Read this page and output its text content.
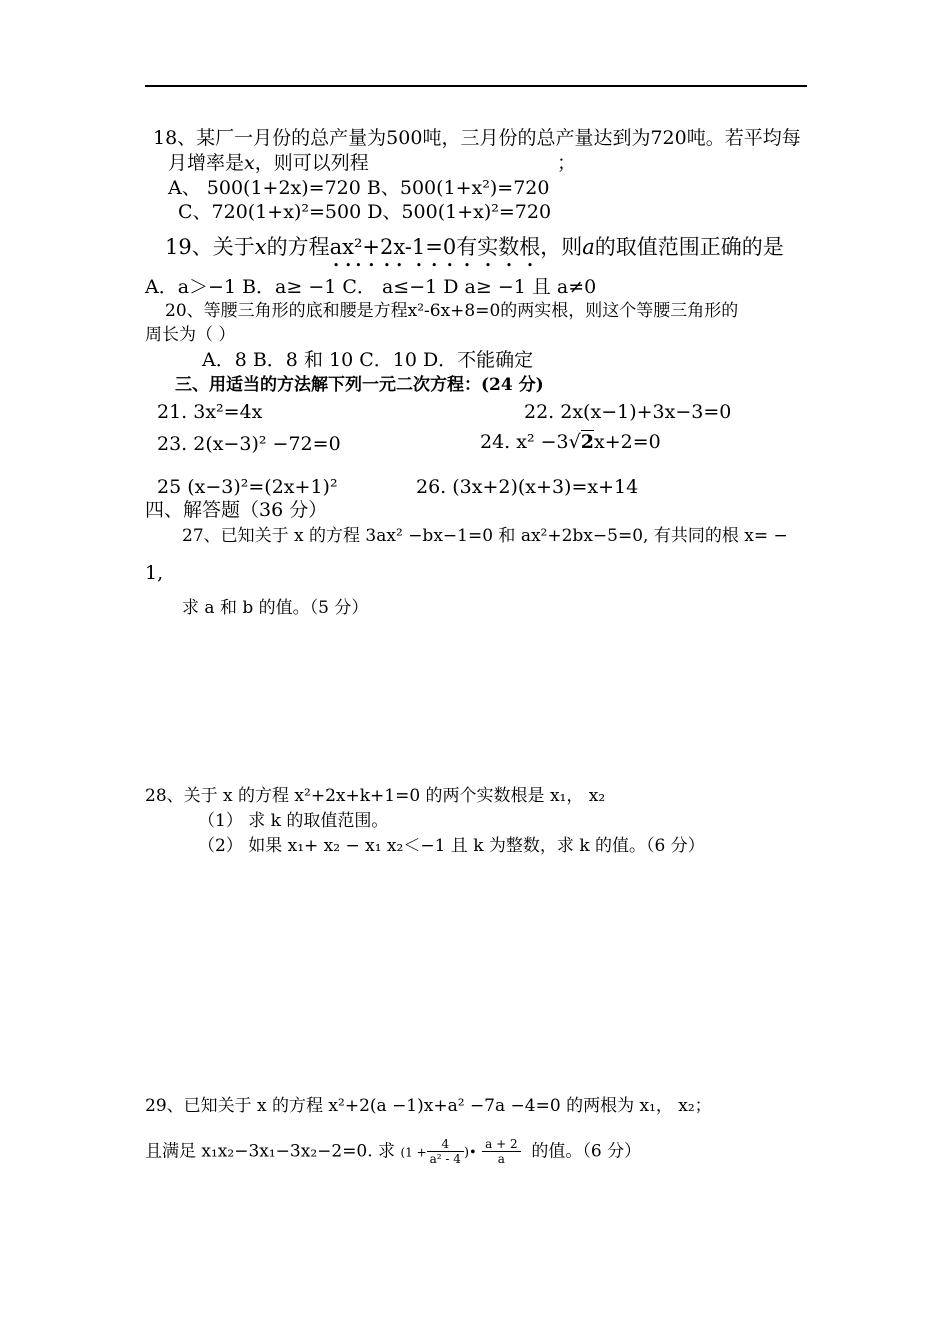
18、某厂一月份的总产量为500吨，三月份的总产量达到为720吨。若平均每
月增率是x，则可以列程	；
A、 500(1+2x)=720 B、500(1+x²)=720
C、720(1+x)²=500 D、500(1+x)²=720
19、关于x的方程ax²+2x-1=0有实数根，则a的取值范围正确的是
A．a＞−1 B．a≥ −1 C． a≤−1 D a≥ −1 且 a≠0
20、等腰三角形的底和腰是方程x²-6x+8=0的两实根，则这个等腰三角形的
周长为（ ）
A．8 B．8 和 10 C．10 D．不能确定
三、用适当的方法解下列一元二次方程：(24 分)
21. 3x²=4x	22. 2x(x−1)+3x−3=0
23. 2(x−3)² −72=0	24. x² −3√2x+2=0
25 (x−3)²=(2x+1)²	26. (3x+2)(x+3)=x+14
四、解答题（36 分）
27、已知关于 x 的方程 3ax² −bx−1=0 和 ax²+2bx−5=0, 有共同的根 x= −
1,
求 a 和 b 的值。（5 分）
28、关于 x 的方程 x²+2x+k+1=0 的两个实数根是 x₁， x₂
（1） 求 k 的取值范围。
（2） 如果 x₁+ x₂ − x₁ x₂＜−1 且 k 为整数，求 k 的值。（6 分）
29、已知关于 x 的方程 x²+2(a −1)x+a² −7a −4=0 的两根为 x₁， x₂；
且满足 x₁x₂−3x₁−3x₂−2=0. 求 ($1 + \frac{4}{\text{a² - 4}}$ )• $\frac{a + 2}{a}$ 的值。（6 分）
